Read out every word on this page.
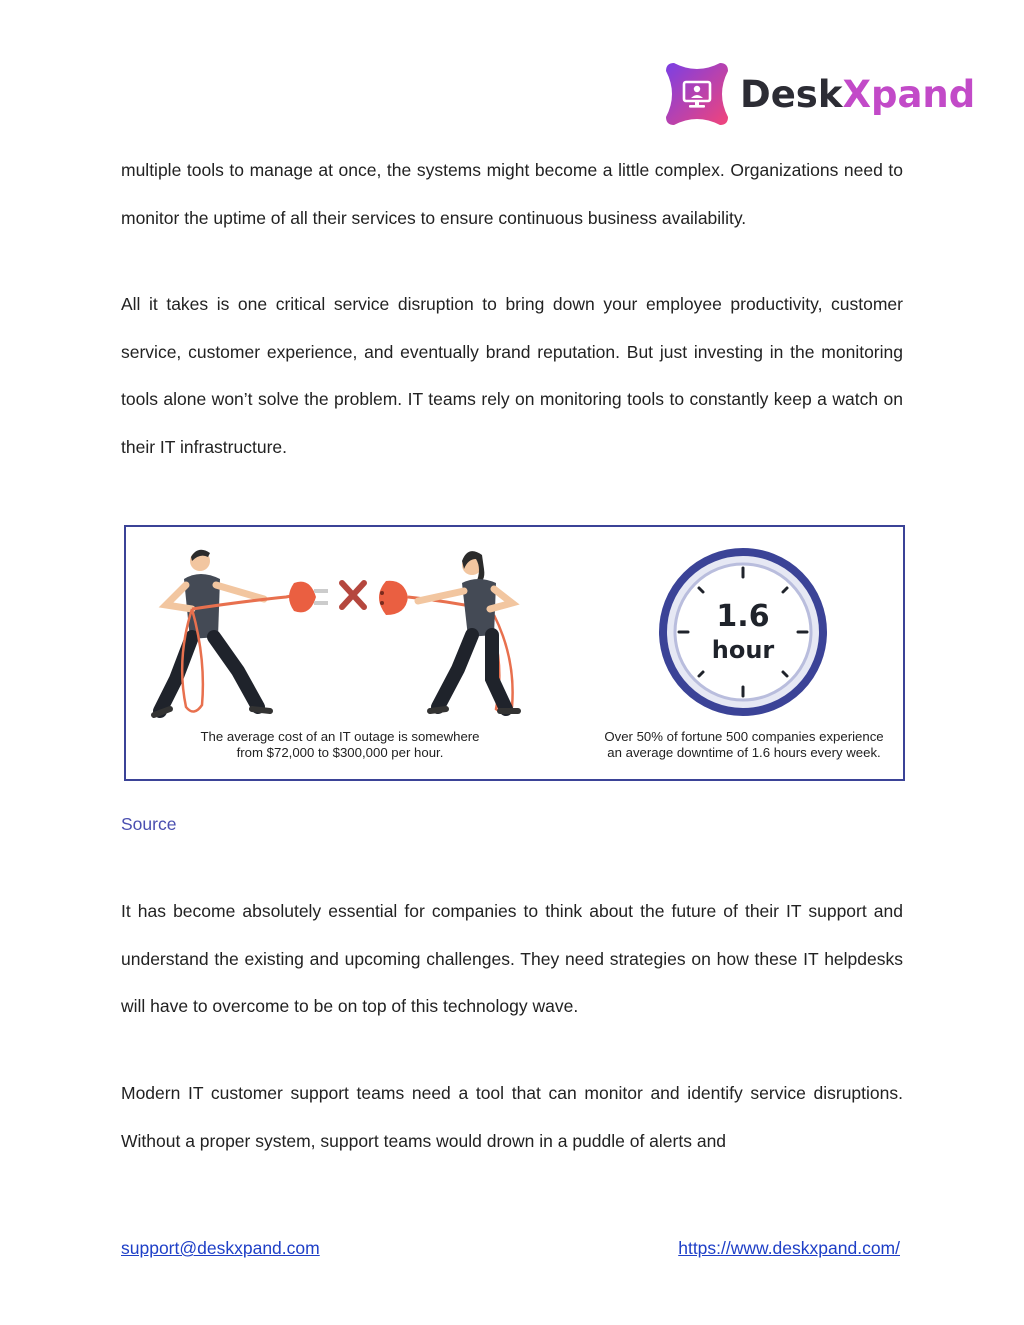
DeskXpand

multiple tools to manage at once, the systems might become a little complex. Organizations need to monitor the uptime of all their services to ensure continuous business availability.

All it takes is one critical service disruption to bring down your employee productivity, customer service, customer experience, and eventually brand reputation. But just investing in the monitoring tools alone won’t solve the problem. IT teams rely on monitoring tools to constantly keep a watch on their IT infrastructure.

The average cost of an IT outage is somewhere
from $72,000 to $300,000 per hour.
1.6
hour
Over 50% of fortune 500 companies experience
an average downtime of 1.6 hours every week.
Source

It has become absolutely essential for companies to think about the future of their IT support and understand the existing and upcoming challenges. They need strategies on how these IT helpdesks will have to overcome to be on top of this technology wave.

Modern IT customer support teams need a tool that can monitor and identify service disruptions. Without a proper system, support teams would drown in a puddle of alerts and

support@deskxpand.com	https://www.deskxpand.com/
